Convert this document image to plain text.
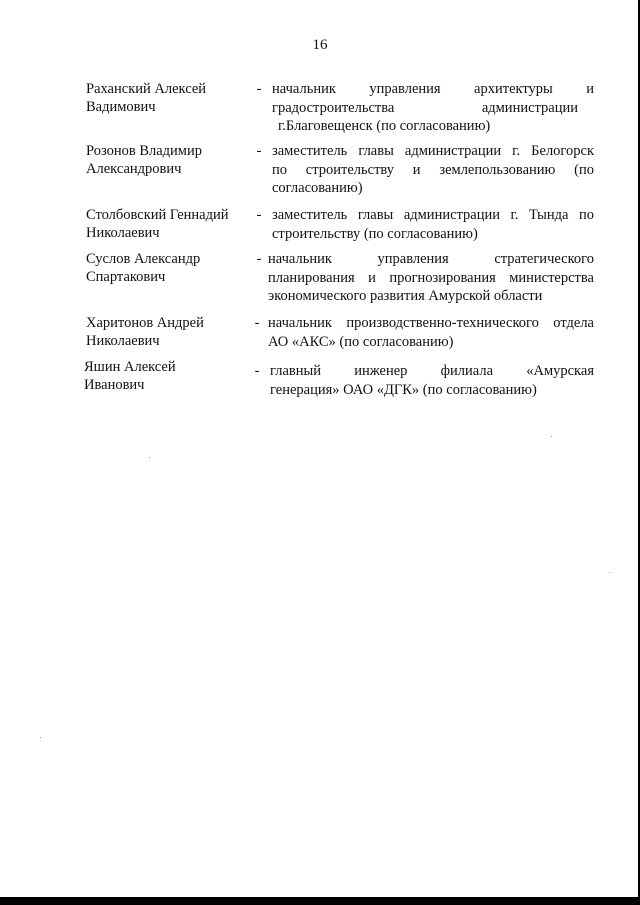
16
Раханский Алексей
Вадимович
- начальник управления архитектуры и
градостроительства администрации
г.Благовещенск (по согласованию)
Розонов Владимир
Александрович
- заместитель главы администрации г. Белогорск
по строительству и землепользованию (по
согласованию)
Столбовский Геннадий
Николаевич
- заместитель главы администрации г. Тында по
строительству (по согласованию)
Суслов Александр
Спартакович
- начальник управления стратегического
планирования и прогнозирования министерства
экономического развития Амурской области
Харитонов Андрей
Николаевич
- начальник производственно-технического отдела
АО «АКС» (по согласованию)
Яшин Алексей
Иванович
- главный инженер филиала «Амурская
генерация» ОАО «ДГК» (по согласованию)
